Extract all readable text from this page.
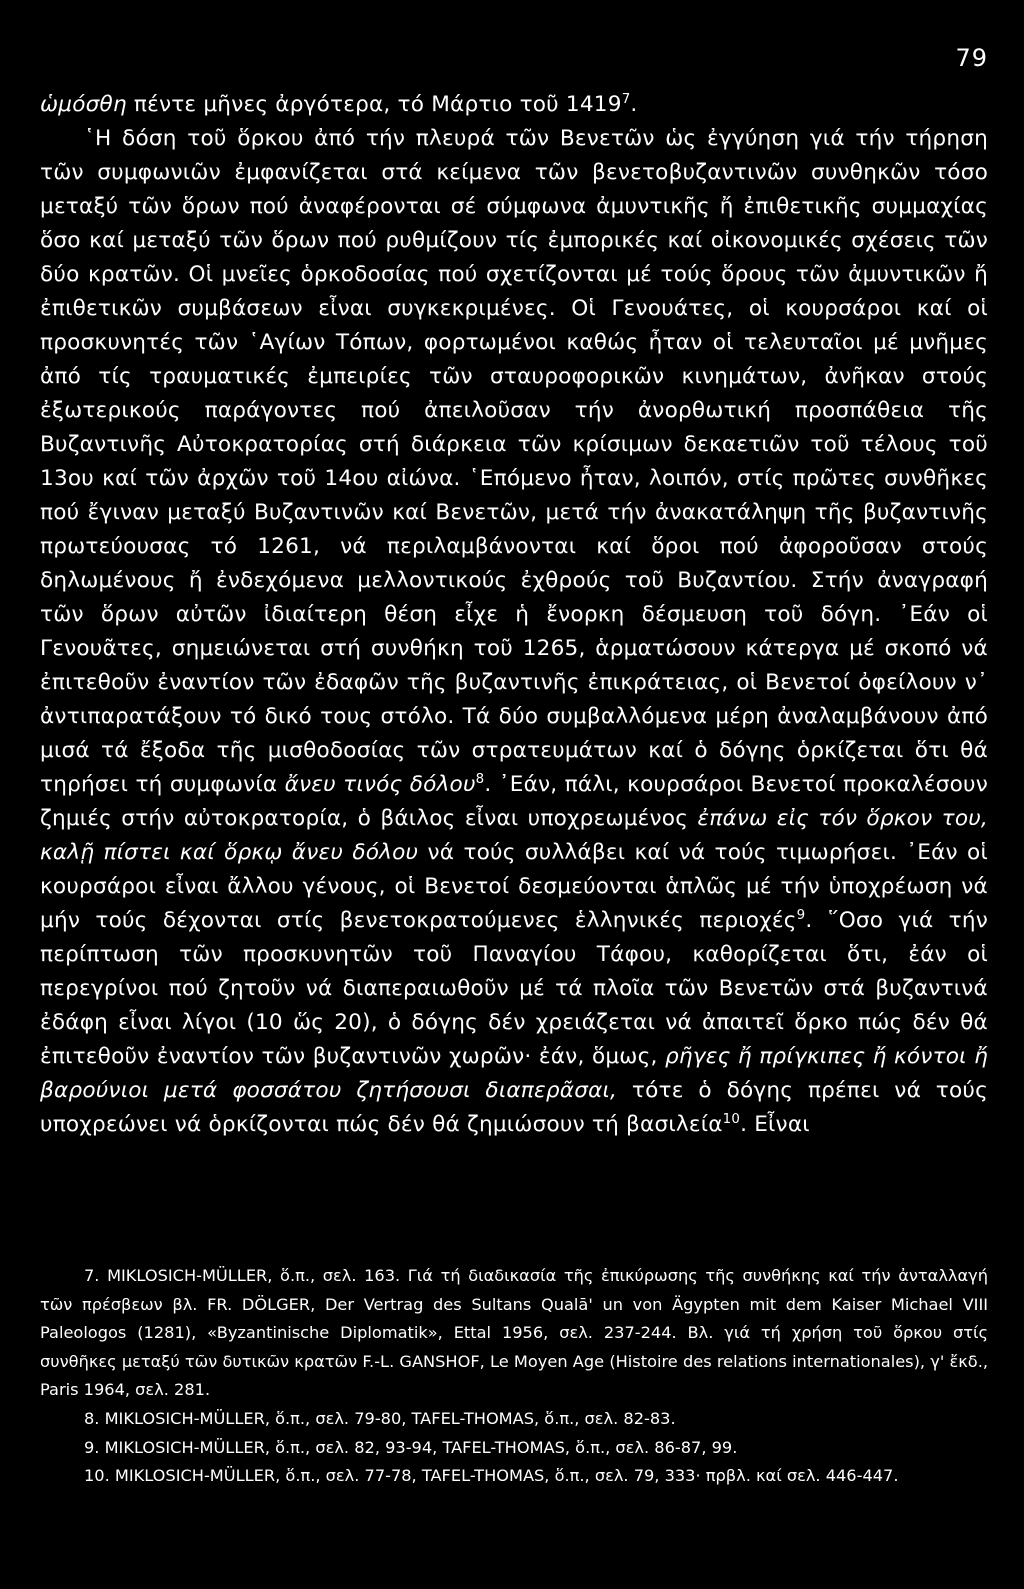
79

ὡμόσθη πέντε μῆνες ἀργότερα, τό Μάρτιο τοῦ 1419$^7$.

῾Η δόση τοῦ ὅρκου ἀπό τήν πλευρά τῶν Βενετῶν ὡς ἐγγύηση γιά τήν τήρηση τῶν συμφωνιῶν ἐμφανίζεται στά κείμενα τῶν βενετοβυζαντινῶν συνθηκῶν τόσο μεταξύ τῶν ὅρων πού ἀναφέρονται σέ σύμφωνα ἀμυντικῆς ἤ ἐπιθετικῆς συμμαχίας ὅσο καί μεταξύ τῶν ὅρων πού ρυθμίζουν τίς ἐμπορικές καί οἰκονομικές σχέσεις τῶν δύο κρατῶν. Οἱ μνεῖες ὁρκοδοσίας πού σχετίζονται μέ τούς ὅρους τῶν ἀμυντικῶν ἤ ἐπιθετικῶν συμβάσεων εἶναι συγκεκριμένες. Οἱ Γενουάτες, οἱ κουρσάροι καί οἱ προσκυνητές τῶν ῾Αγίων Τόπων, φορτωμένοι καθώς ἦταν οἱ τελευταῖοι μέ μνῆμες ἀπό τίς τραυματικές ἐμπειρίες τῶν σταυροφορικῶν κινημάτων, ἀνῆκαν στούς ἐξωτερικούς παράγοντες πού ἀπειλοῦσαν τήν ἀνορθωτική προσπάθεια τῆς Βυζαντινῆς Αὐτοκρατορίας στή διάρκεια τῶν κρίσιμων δεκαετιῶν τοῦ τέλους τοῦ 13ου καί τῶν ἀρχῶν τοῦ 14ου αἰώνα. ῾Επόμενο ἦταν, λοιπόν, στίς πρῶτες συνθῆκες πού ἔγιναν μεταξύ Βυζαντινῶν καί Βενετῶν, μετά τήν ἀνακατάληψη τῆς βυζαντινῆς πρωτεύουσας τό 1261, νά περιλαμβάνονται καί ὅροι πού ἀφοροῦσαν στούς δηλωμένους ἤ ἐνδεχόμενα μελλοντικούς ἐχθρούς τοῦ Βυζαντίου. Στήν ἀναγραφή τῶν ὅρων αὐτῶν ἰδιαίτερη θέση εἶχε ἡ ἔνορκη δέσμευση τοῦ δόγη. ᾽Εάν οἱ Γενουᾶτες, σημειώνεται στή συνθήκη τοῦ 1265, ἁρματώσουν κάτεργα μέ σκοπό νά ἐπιτεθοῦν ἐναντίον τῶν ἐδαφῶν τῆς βυζαντινῆς ἐπικράτειας, οἱ Βενετοί ὀφείλουν ν᾽ ἀντιπαρατάξουν τό δικό τους στόλο. Τά δύο συμβαλλόμενα μέρη ἀναλαμβάνουν ἀπό μισά τά ἔξοδα τῆς μισθοδοσίας τῶν στρατευμάτων καί ὁ δόγης ὁρκίζεται ὅτι θά τηρήσει τή συμφωνία ἄνευ τινός δόλου$^8$. ᾽Εάν, πάλι, κουρσάροι Βενετοί προκαλέσουν ζημιές στήν αὐτοκρατορία, ὁ βάιλος εἶναι υποχρεωμένος ἐπάνω εἰς τόν ὅρκον του, καλῇ πίστει καί ὅρκῳ ἄνευ δόλου νά τούς συλλάβει καί νά τούς τιμωρήσει. ᾽Εάν οἱ κουρσάροι εἶναι ἄλλου γένους, οἱ Βενετοί δεσμεύονται ἁπλῶς μέ τήν ὑποχρέωση νά μήν τούς δέχονται στίς βενετοκρατούμενες ἑλληνικές περιοχές$^9$. ῞Οσο γιά τήν περίπτωση τῶν προσκυνητῶν τοῦ Παναγίου Τάφου, καθορίζεται ὅτι, ἐάν οἱ περεγρίνοι πού ζητοῦν νά διαπεραιωθοῦν μέ τά πλοῖα τῶν Βενετῶν στά βυζαντινά ἐδάφη εἶναι λίγοι (10 ὥς 20), ὁ δόγης δέν χρειάζεται νά ἀπαιτεῖ ὅρκο πώς δέν θά ἐπιτεθοῦν ἐναντίον τῶν βυζαντινῶν χωρῶν· ἐάν, ὅμως, ρῆγες ἤ πρίγκιπες ἤ κόντοι ἤ βαρούνιοι μετά φοσσάτου ζητήσουσι διαπερᾶσαι, τότε ὁ δόγης πρέπει νά τούς υποχρεώνει νά ὁρκίζονται πώς δέν θά ζημιώσουν τή βασιλεία$^{10}$. Εἶναι

7. MIKLOSICH-MÜLLER, ὅ.π., σελ. 163. Γιά τή διαδικασία τῆς ἐπικύρωσης τῆς συνθήκης καί τήν ἀνταλλαγή τῶν πρέσβεων βλ. FR. DÖLGER, Der Vertrag des Sultans Qualā' un von Ägypten mit dem Kaiser Michael VIII Paleologos (1281), «Byzantinische Diplomatik», Ettal 1956, σελ. 237-244. Βλ. γιά τή χρήση τοῦ ὅρκου στίς συνθῆκες μεταξύ τῶν δυτικῶν κρατῶν F.-L. GANSHOF, Le Moyen Age (Histoire des relations internationales), γ' ἔκδ., Paris 1964, σελ. 281.

8. MIKLOSICH-MÜLLER, ὅ.π., σελ. 79-80, TAFEL-THOMAS, ὅ.π., σελ. 82-83.

9. MIKLOSICH-MÜLLER, ὅ.π., σελ. 82, 93-94, TAFEL-THOMAS, ὅ.π., σελ. 86-87, 99.

10. MIKLOSICH-MÜLLER, ὅ.π., σελ. 77-78, TAFEL-THOMAS, ὅ.π., σελ. 79, 333· πρβλ. καί σελ. 446-447.
